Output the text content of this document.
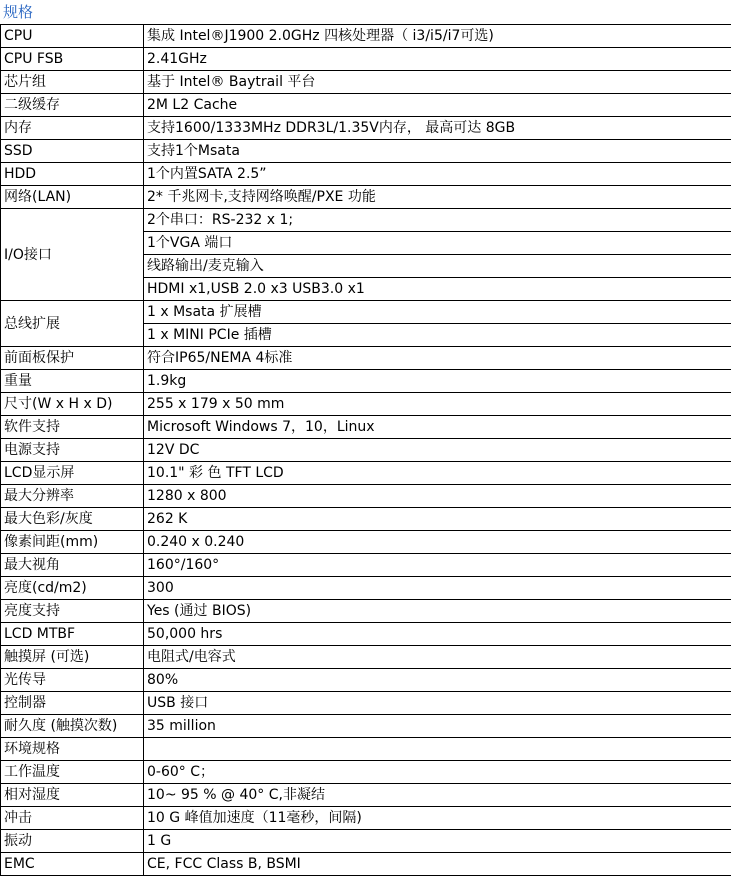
规格
CPU	集成 Intel®J1900 2.0GHz 四核处理器（ i3/i5/i7可选)
CPU FSB	2.41GHz
芯片组	基于 Intel® Baytrail 平台
二级缓存	2M L2 Cache
内存	支持1600/1333MHz DDR3L/1.35V内存， 最高可达 8GB
SSD	支持1个Msata
HDD	1个内置SATA 2.5”
网络(LAN)	2* 千兆网卡,支持网络唤醒/PXE 功能
I/O接口	2个串口：RS-232 x 1;
	1个VGA 端口
	线路输出/麦克输入
	HDMI x1,USB 2.0 x3 USB3.0 x1
总线扩展	1 x Msata 扩展槽
	1 x MINI PCIe 插槽
前面板保护	符合IP65/NEMA 4标准
重量	1.9kg
尺寸(W x H x D)	255 x 179 x 50 mm
软件支持	Microsoft Windows 7，10，Linux
电源支持	12V DC
LCD显示屏	10.1" 彩 色 TFT LCD
最大分辨率	1280 x 800
最大色彩/灰度	262 K
像素间距(mm)	0.240 x 0.240
最大视角	160°/160°
亮度(cd/m2)	300
亮度支持	Yes (通过 BIOS)
LCD MTBF	50,000 hrs
触摸屏 (可选)	电阻式/电容式
光传导	80%
控制器	USB 接口
耐久度 (触摸次数)	35 million
环境规格	
工作温度	0-60° C；
相对湿度	10~ 95 % @ 40° C,非凝结
冲击	10 G 峰值加速度（11毫秒，间隔)
振动	1 G
EMC	CE, FCC Class B, BSMI
